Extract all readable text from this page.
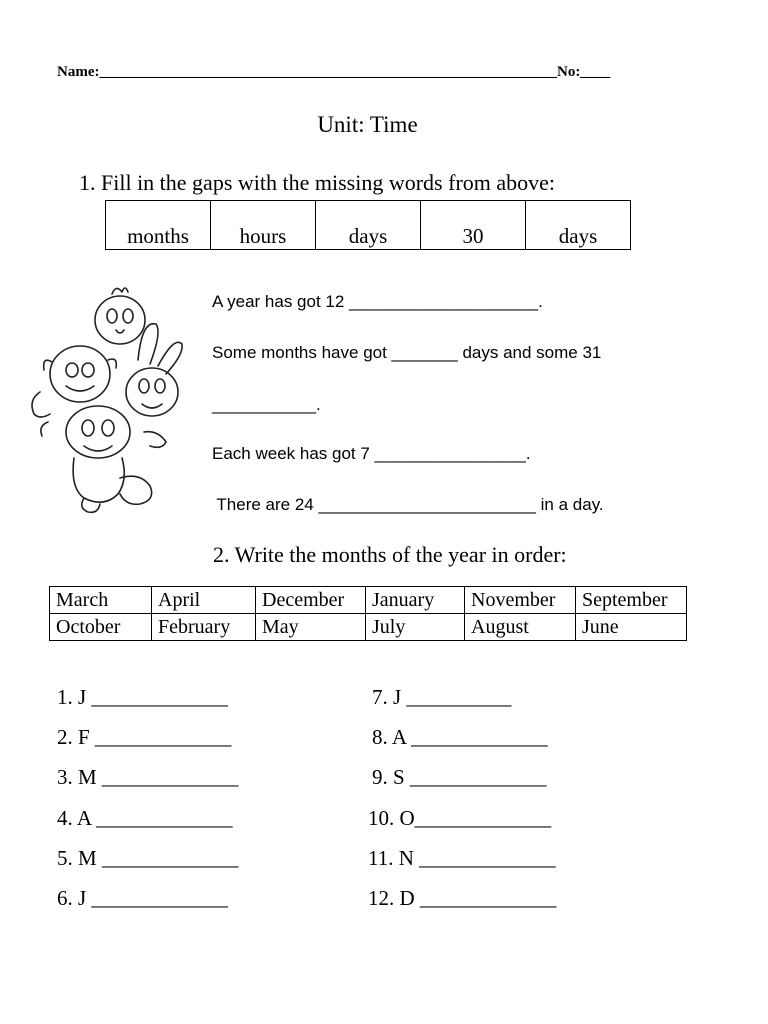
Name:_____________________________________________________________No:____
Unit: Time
1. Fill in the gaps with the missing words from above:
months	hours	days	30	days
A year has got 12 ____________________.
Some months have got _______ days and some 31
___________.
Each week has got 7 ________________.
There are 24 _______________________ in a day.
2. Write the months of the year in order:
March	April	December	January	November	September
October	February	May	July	August	June
1. J _____________
2. F _____________
3. M _____________
4. A _____________
5. M _____________
6. J _____________
7. J __________
8. A _____________
9. S _____________
10. O_____________
11. N _____________
12. D _____________
